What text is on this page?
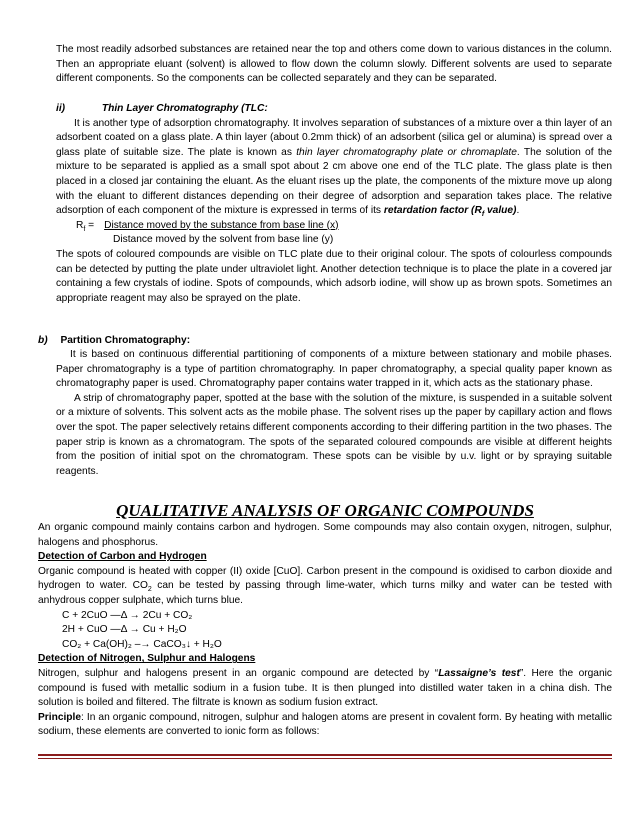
The most readily adsorbed substances are retained near the top and others come down to various distances in the column. Then an appropriate eluant (solvent) is allowed to flow down the column slowly. Different solvents are used to separate different components. So the components can be collected separately and they can be separated.

ii)	Thin Layer Chromatography (TLC:

It is another type of adsorption chromatography. It involves separation of substances of a mixture over a thin layer of an adsorbent coated on a glass plate. A thin layer (about 0.2mm thick) of an adsorbent (silica gel or alumina) is spread over a glass plate of suitable size. The plate is known as thin layer chromatography plate or chromaplate. The solution of the mixture to be separated is applied as a small spot about 2 cm above one end of the TLC plate. The glass plate is then placed in a closed jar containing the eluant. As the eluant rises up the plate, the components of the mixture move up along with the eluant to different distances depending on their degree of adsorption and separation takes place. The relative adsorption of each component of the mixture is expressed in terms of its retardation factor ($R_f$ value).

$R_f$ = Distance moved by the substance from base line (x)

Distance moved by the solvent from base line (y)

The spots of coloured compounds are visible on TLC plate due to their original colour. The spots of colourless compounds can be detected by putting the plate under ultraviolet light. Another detection technique is to place the plate in a covered jar containing a few crystals of iodine. Spots of compounds, which adsorb iodine, will show up as brown spots. Sometimes an appropriate reagent may also be sprayed on the plate.

b) Partition Chromatography:

It is based on continuous differential partitioning of components of a mixture between stationary and mobile phases. Paper chromatography is a type of partition chromatography. In paper chromatography, a special quality paper known as chromatography paper is used. Chromatography paper contains water trapped in it, which acts as the stationary phase.

A strip of chromatography paper, spotted at the base with the solution of the mixture, is suspended in a suitable solvent or a mixture of solvents. This solvent acts as the mobile phase. The solvent rises up the paper by capillary action and flows over the spot. The paper selectively retains different components according to their differing partition in the two phases. The paper strip is known as a chromatogram. The spots of the separated coloured compounds are visible at different heights from the position of initial spot on the chromatogram. These spots can be visible by u.v. light or by spraying suitable reagents.

QUALITATIVE ANALYSIS OF ORGANIC COMPOUNDS

An organic compound mainly contains carbon and hydrogen. Some compounds may also contain oxygen, nitrogen, sulphur, halogens and phosphorus.

Detection of Carbon and Hydrogen

Organic compound is heated with copper (II) oxide [CuO]. Carbon present in the compound is oxidised to carbon dioxide and hydrogen to water. $CO_2$ can be tested by passing through lime-water, which turns milky and water can be tested with anhydrous copper sulphate, which turns blue.

C + 2CuO —Δ → 2Cu + CO₂

2H + CuO —Δ → Cu + H₂O

CO₂ + Ca(OH)₂ –→ CaCO₃↓ + H₂O

Detection of Nitrogen, Sulphur and Halogens

Nitrogen, sulphur and halogens present in an organic compound are detected by “Lassaigne’s test”. Here the organic compound is fused with metallic sodium in a fusion tube. It is then plunged into distilled water taken in a china dish. The solution is boiled and filtered. The filtrate is known as sodium fusion extract.

Principle: In an organic compound, nitrogen, sulphur and halogen atoms are present in covalent form. By heating with metallic sodium, these elements are converted to ionic form as follows:
